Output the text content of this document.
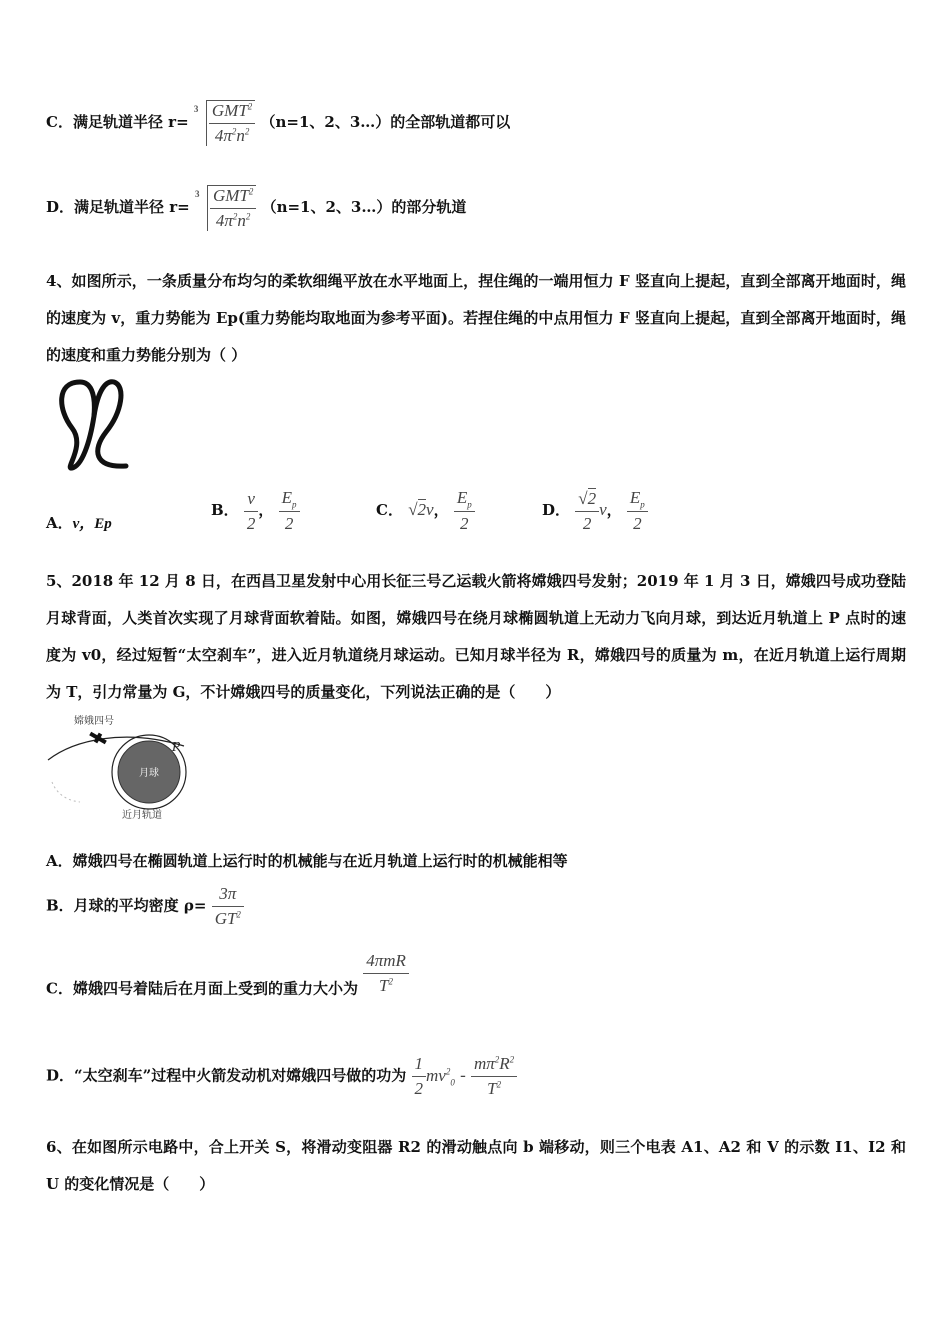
C．满足轨道半径 r=
$3 \frac{GMT^2}{4\pi^2n^2} (n=1$、2、3…）的全部轨道都可以
D．满足轨道半径 r=
$3 \frac{GMT^2}{4\pi^2n^2} (n=1$、2、3…）的部分轨道
4、如图所示，一条质量分布均匀的柔软细绳平放在水平地面上，捏住绳的一端用恒力 F 竖直向上提起，直到全部离开地面时，绳的速度为 v，重力势能为 Ep(重力势能均取地面为参考平面)。若捏住绳的中点用恒力 F 竖直向上提起，直到全部离开地面时，绳的速度和重力势能分别为（ ）
A．v，Ep
B． $\frac{v}{2}$ ， $\frac{E_p}{2}$	C． √2v， $\frac{E_p}{2}$	D． $\frac{√2}{2}$ v， $\frac{E_p}{2}$
5、2018 年 12 月 8 日，在西昌卫星发射中心用长征三号乙运载火箭将嫦娥四号发射；2019 年 1 月 3 日，嫦娥四号成功登陆月球背面，人类首次实现了月球背面软着陆。如图，嫦娥四号在绕月球椭圆轨道上无动力飞向月球，到达近月轨道上 P 点时的速度为 v0，经过短暂“太空刹车”，进入近月轨道绕月球运动。已知月球半径为 R，嫦娥四号的质量为 m，在近月轨道上运行周期为 T，引力常量为 G，不计嫦娥四号的质量变化，下列说法正确的是（　　）
嫦娥四号
月球
P
近月轨道
A．嫦娥四号在椭圆轨道上运行时的机械能与在近月轨道上运行时的机械能相等
B．月球的平均密度 $\rho= \frac{3\pi}{GT^2}$
C．嫦娥四号着陆后在月面上受到的重力大小为 $\frac{\text{4πmR}}{T^2}$
D．“太空刹车”过程中火箭发动机对嫦娥四号做的功为 $\frac{1}{2} mv^2_0 - \frac{m\pi^2R^2}{T^2}$
6、在如图所示电路中，合上开关 S，将滑动变阻器 R2 的滑动触点向 b 端移动，则三个电表 A1、A2 和 V 的示数 I1、I2 和 U 的变化情况是（　　）
